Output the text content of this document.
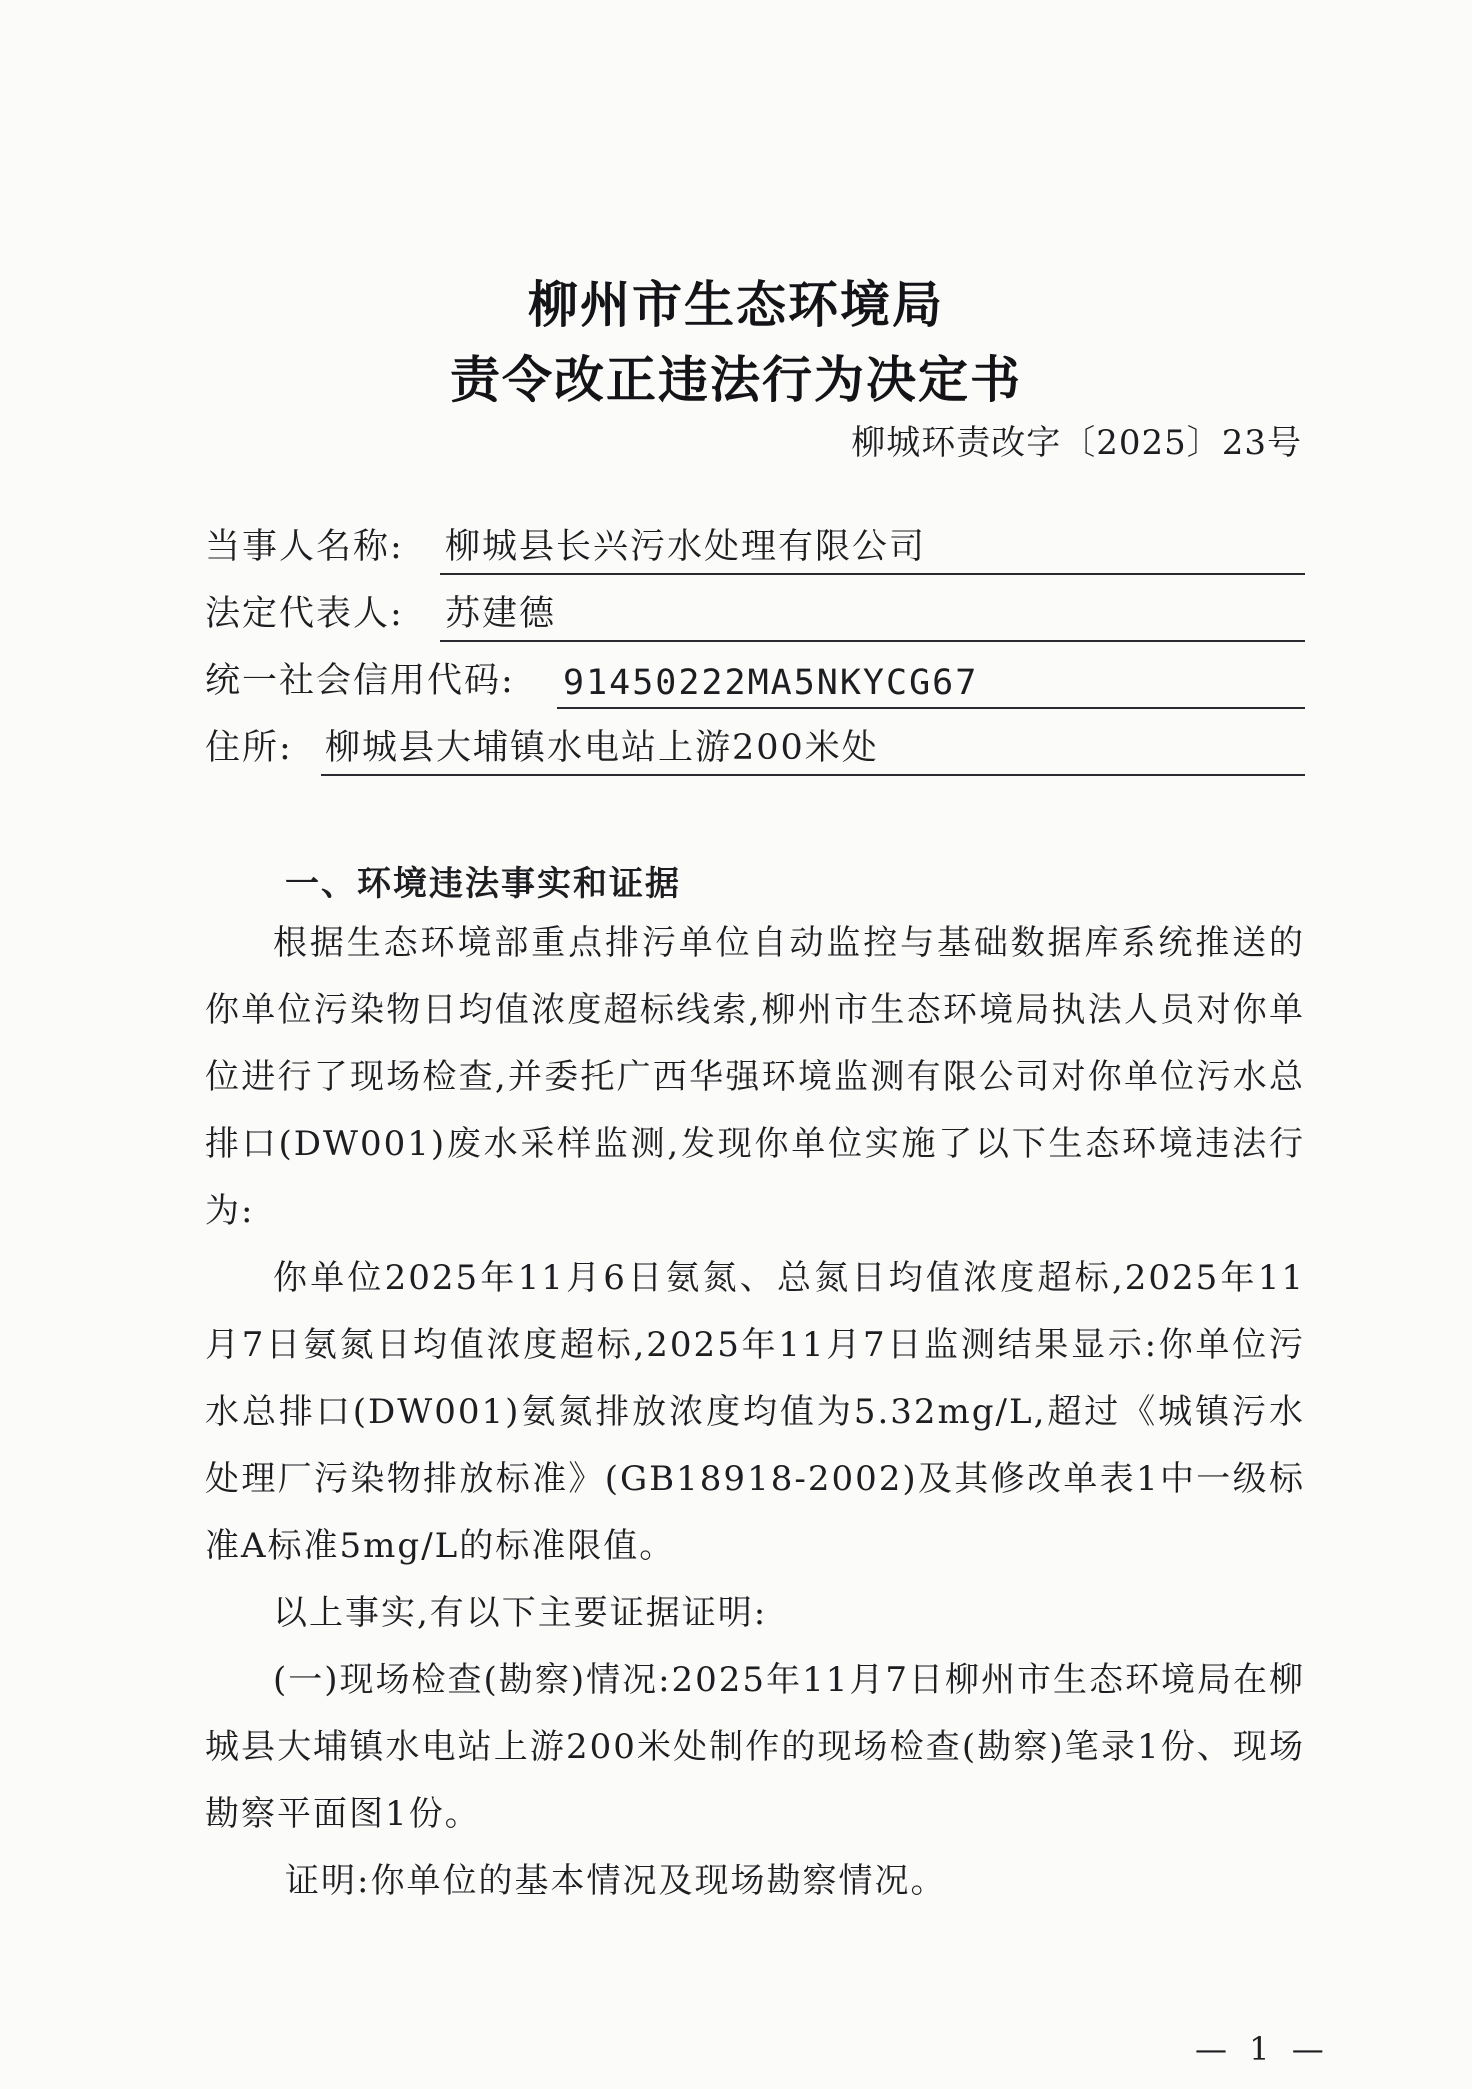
柳州市生态环境局
责令改正违法行为决定书
柳城环责改字〔2025〕23号
当事人名称: 柳城县长兴污水处理有限公司
法定代表人: 苏建德
统一社会信用代码: 91450222MA5NKYCG67
住所: 柳城县大埔镇水电站上游200米处
一、环境违法事实和证据
根据生态环境部重点排污单位自动监控与基础数据库系统推送的你单位污染物日均值浓度超标线索,柳州市生态环境局执法人员对你单位进行了现场检查,并委托广西华强环境监测有限公司对你单位污水总排口(DW001)废水采样监测,发现你单位实施了以下生态环境违法行为:
你单位2025年11月6日氨氮、总氮日均值浓度超标,2025年11月7日氨氮日均值浓度超标,2025年11月7日监测结果显示:你单位污水总排口(DW001)氨氮排放浓度均值为5.32mg/L,超过《城镇污水处理厂污染物排放标准》(GB18918-2002)及其修改单表1中一级标准A标准5mg/L的标准限值。
以上事实,有以下主要证据证明:
(一)现场检查(勘察)情况:2025年11月7日柳州市生态环境局在柳城县大埔镇水电站上游200米处制作的现场检查(勘察)笔录1份、现场勘察平面图1份。
证明:你单位的基本情况及现场勘察情况。
— 1 —
